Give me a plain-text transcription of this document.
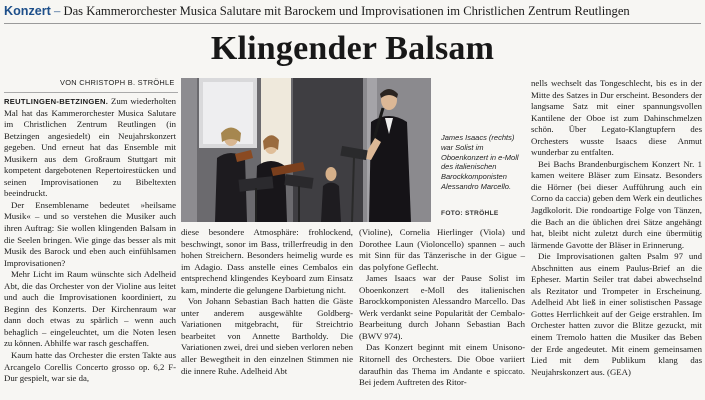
Konzert – Das Kammerorchester Musica Salutare mit Barockem und Improvisationen im Christlichen Zentrum Reutlingen
Klingender Balsam
VON CHRISTOPH B. STRÖHLE

REUTLINGEN-BETZINGEN. Zum wiederholten Mal hat das Kammerorchester Musica Salutare im Christlichen Zentrum Reutlingen (in Betzingen angesiedelt) ein Neujahrskonzert gegeben. Und erneut hat das Ensemble mit Musikern aus dem Großraum Stuttgart mit kompetent dargebotenen Repertoirestücken und seinen Improvisationen zu Bibeltexten beeindruckt.

Der Ensemblename bedeutet »heilsame Musik« – und so verstehen die Musiker auch ihren Auftrag: Sie wollen klingenden Balsam in die Seelen bringen. Wie ginge das besser als mit Musik des Barock und eben auch einfühlsamen Improvisationen?

Mehr Licht im Raum wünschte sich Adelheid Abt, die das Orchester von der Violine aus leitet und auch die Improvisationen koordiniert, zu Beginn des Konzerts. Der Kirchenraum war dann doch etwas zu spärlich – wenn auch behaglich – eingeleuchtet, um die Noten lesen zu können. Abhilfe war rasch geschaffen.

Kaum hatte das Orchester die ersten Takte aus Arcangelo Corellis Concerto grosso op. 6,2 F-Dur gespielt, war sie da,

James Isaacs (rechts) war Solist im Oboenkonzert in e-Moll des italienischen Barockkomponisten Alessandro Marcello.
FOTO: STRÖHLE

diese besondere Atmosphäre: frohlockend, beschwingt, sonor im Bass, trillerfreudig in den hohen Streichern. Besonders heimelig wurde es im Adagio. Dass anstelle eines Cembalos ein entsprechend klingendes Keyboard zum Einsatz kam, minderte die gelungene Darbietung nicht.

Von Johann Sebastian Bach hatten die Gäste unter anderem ausgewählte Goldberg-Variationen mitgebracht, für Streichtrio bearbeitet von Annette Bartholdy. Die Variationen zwei, drei und sieben verloren neben aller Bewegtheit in den einzelnen Stimmen nie die innere Ruhe. Adelheid Abt

(Violine), Cornelia Hierlinger (Viola) und Dorothee Laun (Violoncello) spannen – auch mit Sinn für das Tänzerische in der Gigue – das polyfone Geflecht.

James Isaacs war der Pause Solist im Oboenkonzert e-Moll des italienischen Barockkomponisten Alessandro Marcello. Das Werk verdankt seine Popularität der Cembalo-Bearbeitung durch Johann Sebastian Bach (BWV 974).

Das Konzert beginnt mit einem Unisono-Ritornell des Orchesters. Die Oboe variiert daraufhin das Thema im Andante e spiccato. Bei jedem Auftreten des Ritor-

nells wechselt das Tongeschlecht, bis es in der Mitte des Satzes in Dur erscheint. Besonders der langsame Satz mit einer spannungsvollen Kantilene der Oboe ist zum Dahinschmelzen schön. Über Legato-Klangtupfern des Orchesters wusste Isaacs diese Anmut wunderbar zu entfalten.

Bei Bachs Brandenburgischem Konzert Nr. 1 kamen weitere Bläser zum Einsatz. Besonders die Hörner (bei dieser Aufführung auch ein Corno da caccia) geben dem Werk ein deutliches Jagdkolorit. Die rondoartige Folge von Tänzen, die Bach an die üblichen drei Sätze angehängt hat, bleibt nicht zuletzt durch eine übermütig lärmende Gavotte der Bläser in Erinnerung.

Die Improvisationen galten Psalm 97 und Abschnitten aus einem Paulus-Brief an die Epheser. Martin Seiler trat dabei abwechselnd als Rezitator und Trompeter in Erscheinung. Adelheid Abt ließ in einer solistischen Passage Gottes Herrlichkeit auf der Geige erstrahlen. Im Orchester hatten zuvor die Blitze gezuckt, mit einem Tremolo hatten die Musiker das Beben der Erde angedeutet. Mit einem gemeinsamen Lied mit dem Publikum klang das Neujahrskonzert aus. (GEA)
